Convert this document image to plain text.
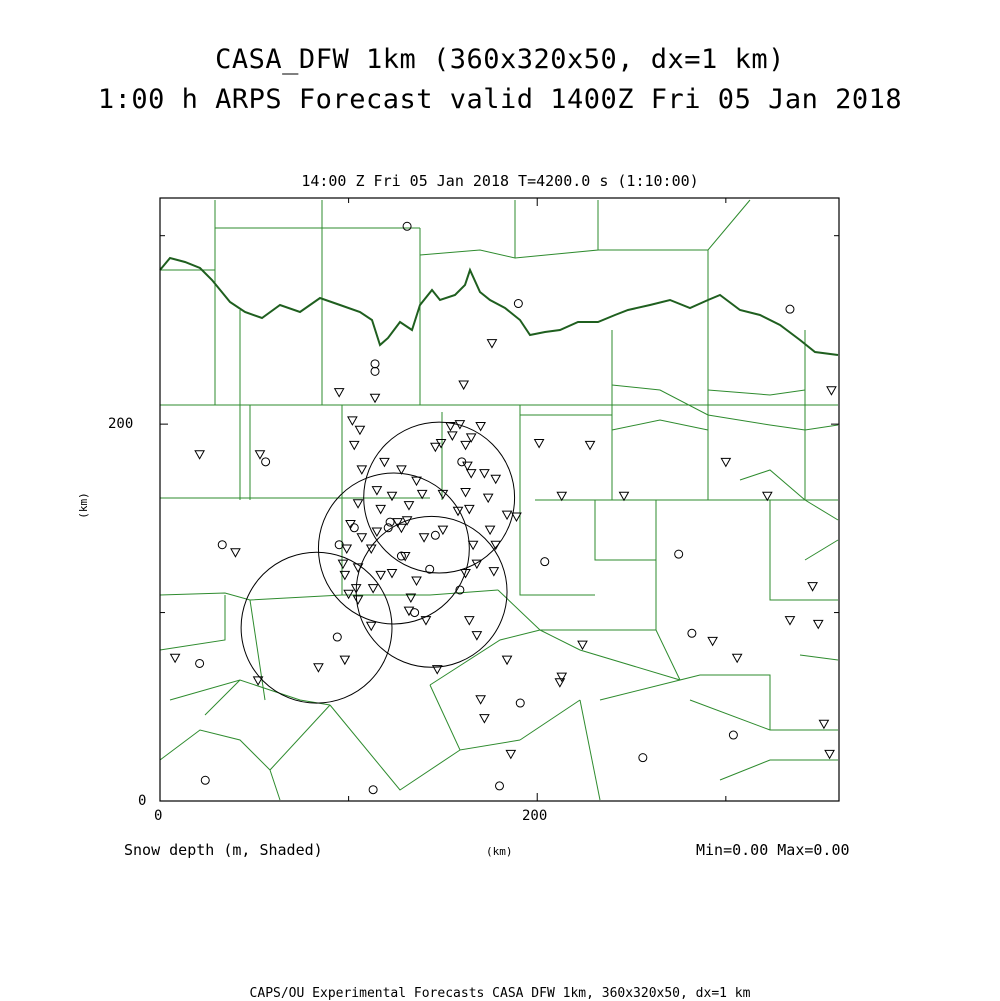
CASA_DFW 1km (360x320x50, dx=1 km)
1:00 h ARPS Forecast valid 1400Z Fri 05 Jan 2018
14:00 Z Fri 05 Jan 2018 T=4200.0 s (1:10:00)
200
0
0	200
(km)
(km)
Snow depth (m, Shaded)	Min=0.00 Max=0.00
CAPS/OU Experimental Forecasts CASA DFW 1km, 360x320x50, dx=1 km
